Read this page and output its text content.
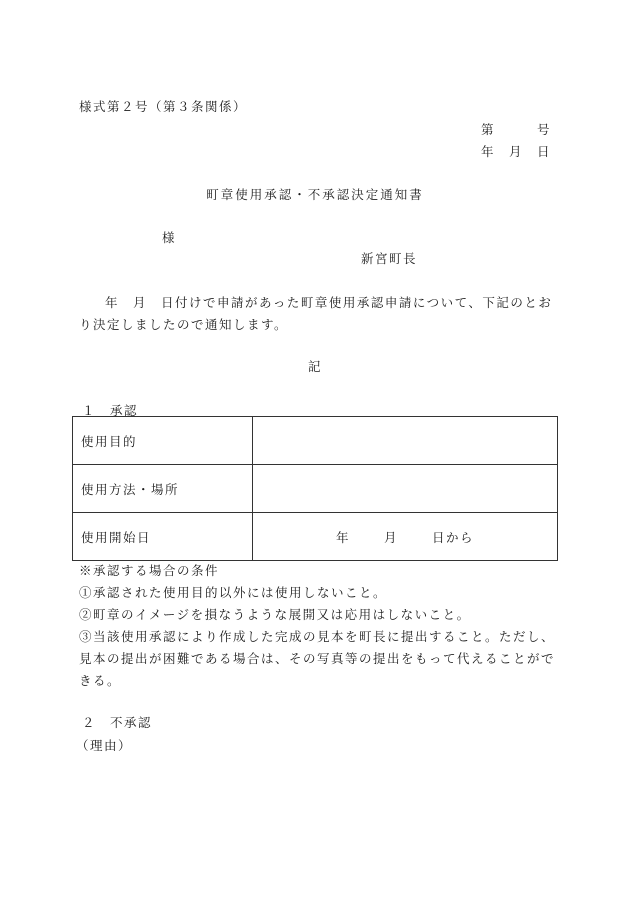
様式第２号（第３条関係）
第	号
年 月 日
町章使用承認・不承認決定通知書
様
新宮町長
年　月　日付けで申請があった町章使用承認申請について、下記のとおり決定しましたので通知します。
記
１　承認
使用目的	
使用方法・場所	
使用開始日	年 月 日から
※承認する場合の条件
①承認された使用目的以外には使用しないこと。
②町章のイメージを損なうような展開又は応用はしないこと。
③当該使用承認により作成した完成の見本を町長に提出すること。ただし、見本の提出が困難である場合は、その写真等の提出をもって代えることができる。
２　不承認
（理由）
